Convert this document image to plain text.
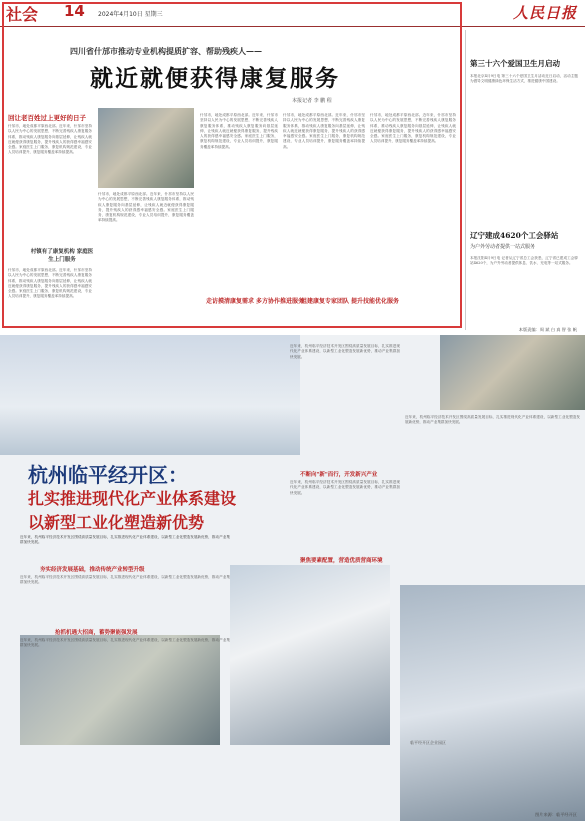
社会 14 2024年4月10日 星期三	人民日报
四川省什邡市推动专业机构提质扩容、帮助残疾人——
就近就便获得康复服务
本报记者 李 鹏 程
回让老百姓过上更好的日子
什邡市，地处成都平原西北部。近年来，什邡市坚持以人民为中心的发展思想，不断完善残疾人康复服务体系，推动残疾人康复服务向基层延伸，让残疾人就近就便获得康复服务，提升残疾人的获得感幸福感安全感。家庭医生上门服务，康复机构规范建设，专业人员培训提升，康复服务覆盖率持续提高。
村镇有了康复机构 家庭医生上门服务
什邡市，地处成都平原西北部。近年来，什邡市坚持以人民为中心的发展思想，不断完善残疾人康复服务体系，推动残疾人康复服务向基层延伸，让残疾人就近就便获得康复服务，提升残疾人的获得感幸福感安全感。家庭医生上门服务，康复机构规范建设，专业人员培训提升，康复服务覆盖率持续提高。
什邡市，地处成都平原西北部。近年来，什邡市坚持以人民为中心的发展思想，不断完善残疾人康复服务体系，推动残疾人康复服务向基层延伸，让残疾人就近就便获得康复服务，提升残疾人的获得感幸福感安全感。家庭医生上门服务，康复机构规范建设，专业人员培训提升，康复服务覆盖率持续提高。
什邡市，地处成都平原西北部。近年来，什邡市坚持以人民为中心的发展思想，不断完善残疾人康复服务体系，推动残疾人康复服务向基层延伸，让残疾人就近就便获得康复服务，提升残疾人的获得感幸福感安全感。家庭医生上门服务，康复机构规范建设，专业人员培训提升，康复服务覆盖率持续提高。
走访摸清康复需求 多方协作推进服务
什邡市，地处成都平原西北部。近年来，什邡市坚持以人民为中心的发展思想，不断完善残疾人康复服务体系，推动残疾人康复服务向基层延伸，让残疾人就近就便获得康复服务，提升残疾人的获得感幸福感安全感。家庭医生上门服务，康复机构规范建设，专业人员培训提升，康复服务覆盖率持续提高。
组建康复专家团队 提升技能优化服务
什邡市，地处成都平原西北部。近年来，什邡市坚持以人民为中心的发展思想，不断完善残疾人康复服务体系，推动残疾人康复服务向基层延伸，让残疾人就近就便获得康复服务，提升残疾人的获得感幸福感安全感。家庭医生上门服务，康复机构规范建设，专业人员培训提升，康复服务覆盖率持续提高。
第三十六个爱国卫生月启动
本报北京4月9日电 第三十六个爱国卫生月活动近日启动，活动主题为倡导文明健康绿色环保生活方式，推进健康中国建设。
辽宁建成4620个工会驿站
为户外劳动者提供一站式服务
本报沈阳4月9日电 记者从辽宁省总工会获悉，辽宁省已建成工会驿站4620个，为户外劳动者提供休息、饮水、充电等一站式服务。
本版责编：周 斌 白 真 智 张 帆
杭州临平经开区：
扎实推进现代化产业体系建设
以新型工业化塑造新优势
近年来，杭州临平经济技术开发区围绕高质量发展目标，扎实推进现代化产业体系建设，以新型工业化塑造发展新优势，推动产业集群加快发展。
夯实经济发展基础，推动传统产业转型升级
近年来，杭州临平经济技术开发区围绕高质量发展目标，扎实推进现代化产业体系建设，以新型工业化塑造发展新优势，推动产业集群加快发展。
抢抓机遇大招商，蓄势聚能强发展
近年来，杭州临平经济技术开发区围绕高质量发展目标，扎实推进现代化产业体系建设，以新型工业化塑造发展新优势，推动产业集群加快发展。
不断向"新"而行，开发新兴产业
近年来，杭州临平经济技术开发区围绕高质量发展目标，扎实推进现代化产业体系建设，以新型工业化塑造发展新优势，推动产业集群加快发展。
近年来，杭州临平经济技术开发区围绕高质量发展目标，扎实推进现代化产业体系建设，以新型工业化塑造发展新优势，推动产业集群加快发展。
聚焦要素配置，营造优质营商环境
近年来，杭州临平经济技术开发区围绕高质量发展目标，扎实推进现代化产业体系建设，以新型工业化塑造发展新优势，推动产业集群加快发展。
临平经开区企业园区
图片来源：临平经开区
